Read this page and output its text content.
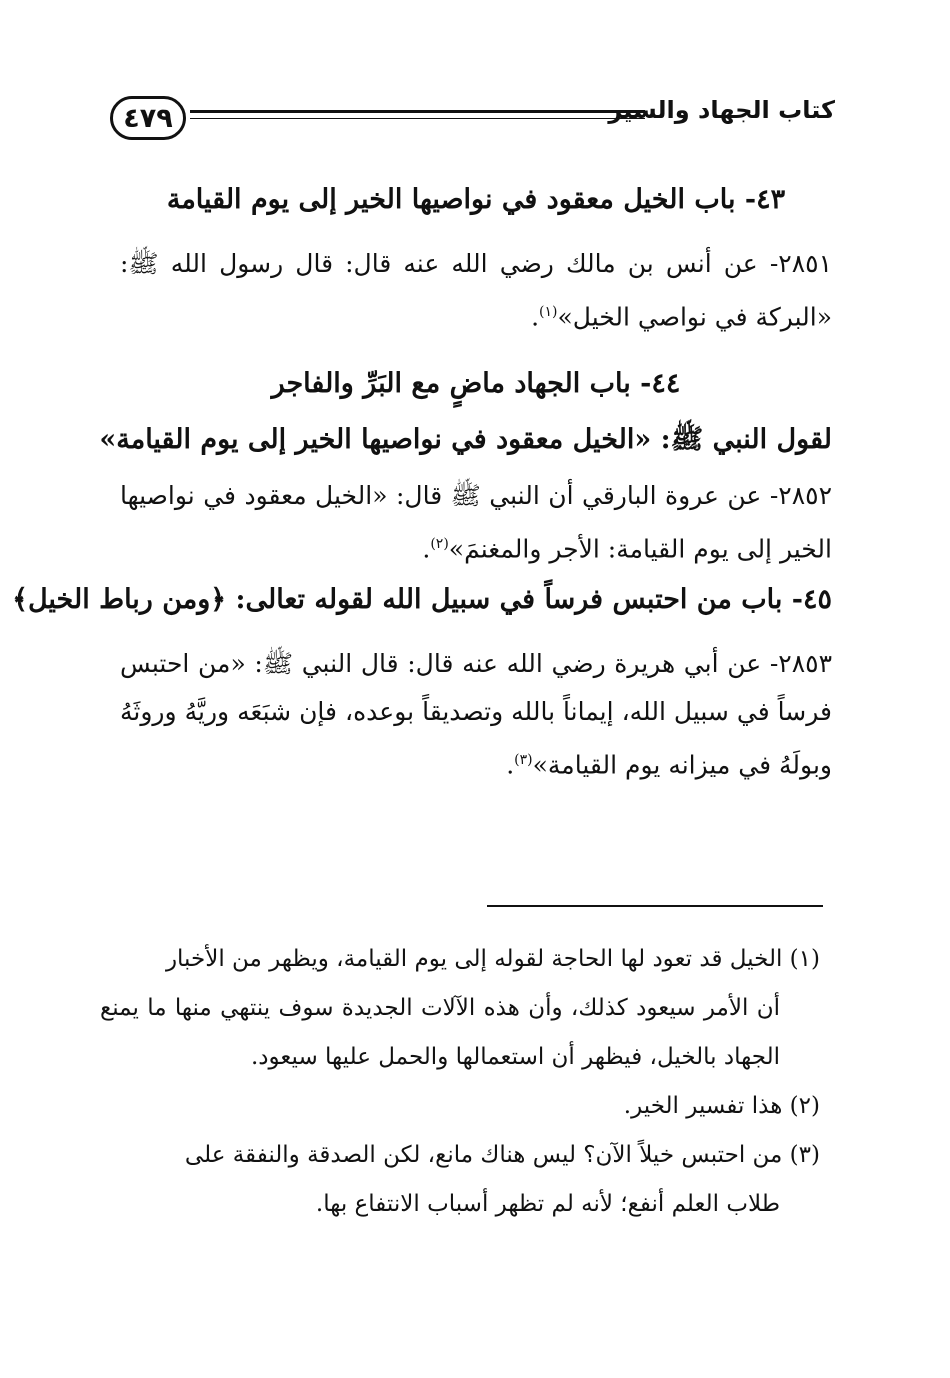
٤٧٩	كتاب الجهاد والسير
٤٣- باب الخيل معقود في نواصيها الخير إلى يوم القيامة
٢٨٥١- عن أنس بن مالك رضي الله عنه قال: قال رسول الله ﷺ: «البركة في نواصي الخيل»$^{(١)}$.
٤٤- باب الجهاد ماضٍ مع البَرِّ والفاجر
لقول النبي ﷺ: «الخيل معقود في نواصيها الخير إلى يوم القيامة»
٢٨٥٢- عن عروة البارقي أن النبي ﷺ قال: «الخيل معقود في نواصيها الخير إلى يوم القيامة: الأجر والمغنمَ»$^{(٢)}$.
٤٥- باب من احتبس فرساً في سبيل الله لقوله تعالى: ﴿ومن رباط الخيل﴾
٢٨٥٣- عن أبي هريرة رضي الله عنه قال: قال النبي ﷺ: «من احتبس فرساً في سبيل الله، إيماناً بالله وتصديقاً بوعده، فإن شبَعَه وريَّهُ وروثَهُ وبولَهُ في ميزانه يوم القيامة»$^{(٣)}$.
(١) الخيل قد تعود لها الحاجة لقوله إلى يوم القيامة، ويظهر من الأخبار
أن الأمر سيعود كذلك، وأن هذه الآلات الجديدة سوف ينتهي منها ما يمنع الجهاد بالخيل، فيظهر أن استعمالها والحمل عليها سيعود.
(٢) هذا تفسير الخير.
(٣) من احتبس خيلاً الآن؟ ليس هناك مانع، لكن الصدقة والنفقة على
طلاب العلم أنفع؛ لأنه لم تظهر أسباب الانتفاع بها.
